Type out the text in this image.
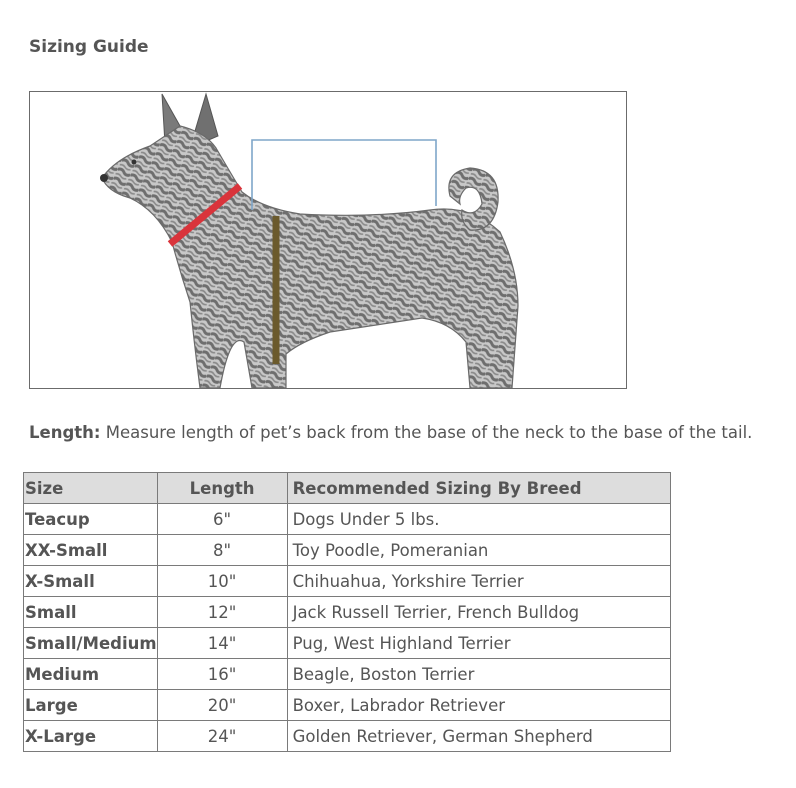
Sizing Guide
Length: Measure length of pet’s back from the base of the neck to the base of the tail.
Size	Length	Recommended Sizing By Breed
Teacup	6"	Dogs Under 5 lbs.
XX-Small	8"	Toy Poodle, Pomeranian
X-Small	10"	Chihuahua, Yorkshire Terrier
Small	12"	Jack Russell Terrier, French Bulldog
Small/Medium	14"	Pug, West Highland Terrier
Medium	16"	Beagle, Boston Terrier
Large	20"	Boxer, Labrador Retriever
X-Large	24"	Golden Retriever, German Shepherd
